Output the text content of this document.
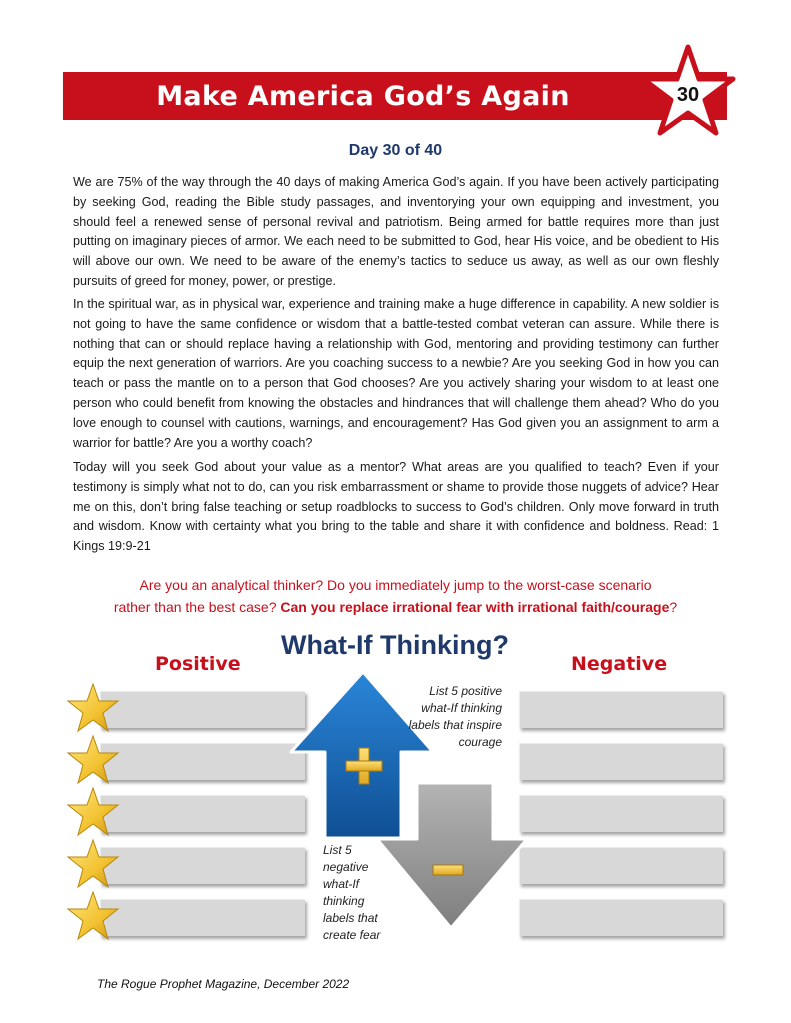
Make America God’s Again	30
Day 30 of 40

We are 75% of the way through the 40 days of making America God’s again. If you have been actively participating by seeking God, reading the Bible study passages, and inventorying your own equipping and investment, you should feel a renewed sense of personal revival and patriotism. Being armed for battle requires more than just putting on imaginary pieces of armor. We each need to be submitted to God, hear His voice, and be obedient to His will above our own. We need to be aware of the enemy’s tactics to seduce us away, as well as our own fleshly pursuits of greed for money, power, or prestige.

In the spiritual war, as in physical war, experience and training make a huge difference in capability. A new soldier is not going to have the same confidence or wisdom that a battle-tested combat veteran can assure. While there is nothing that can or should replace having a relationship with God, mentoring and providing testimony can further equip the next generation of warriors. Are you coaching success to a newbie? Are you seeking God in how you can teach or pass the mantle on to a person that God chooses? Are you actively sharing your wisdom to at least one person who could benefit from knowing the obstacles and hindrances that will challenge them ahead? Who do you love enough to counsel with cautions, warnings, and encouragement? Has God given you an assignment to arm a warrior for battle? Are you a worthy coach?

Today will you seek God about your value as a mentor? What areas are you qualified to teach? Even if your testimony is simply what not to do, can you risk embarrassment or shame to provide those nuggets of advice? Hear me on this, don’t bring false teaching or setup roadblocks to success to God’s children. Only move forward in truth and wisdom. Know with certainty what you bring to the table and share it with confidence and boldness. Read: 1 Kings 19:9-21

Are you an analytical thinker? Do you immediately jump to the worst-case scenario
rather than the best case? Can you replace irrational fear with irrational faith/courage?
What-If Thinking?
Positive	Negative
List 5 positive what-If thinking labels that inspire courage
List 5 negative what-If thinking labels that create fear
The Rogue Prophet Magazine, December 2022
